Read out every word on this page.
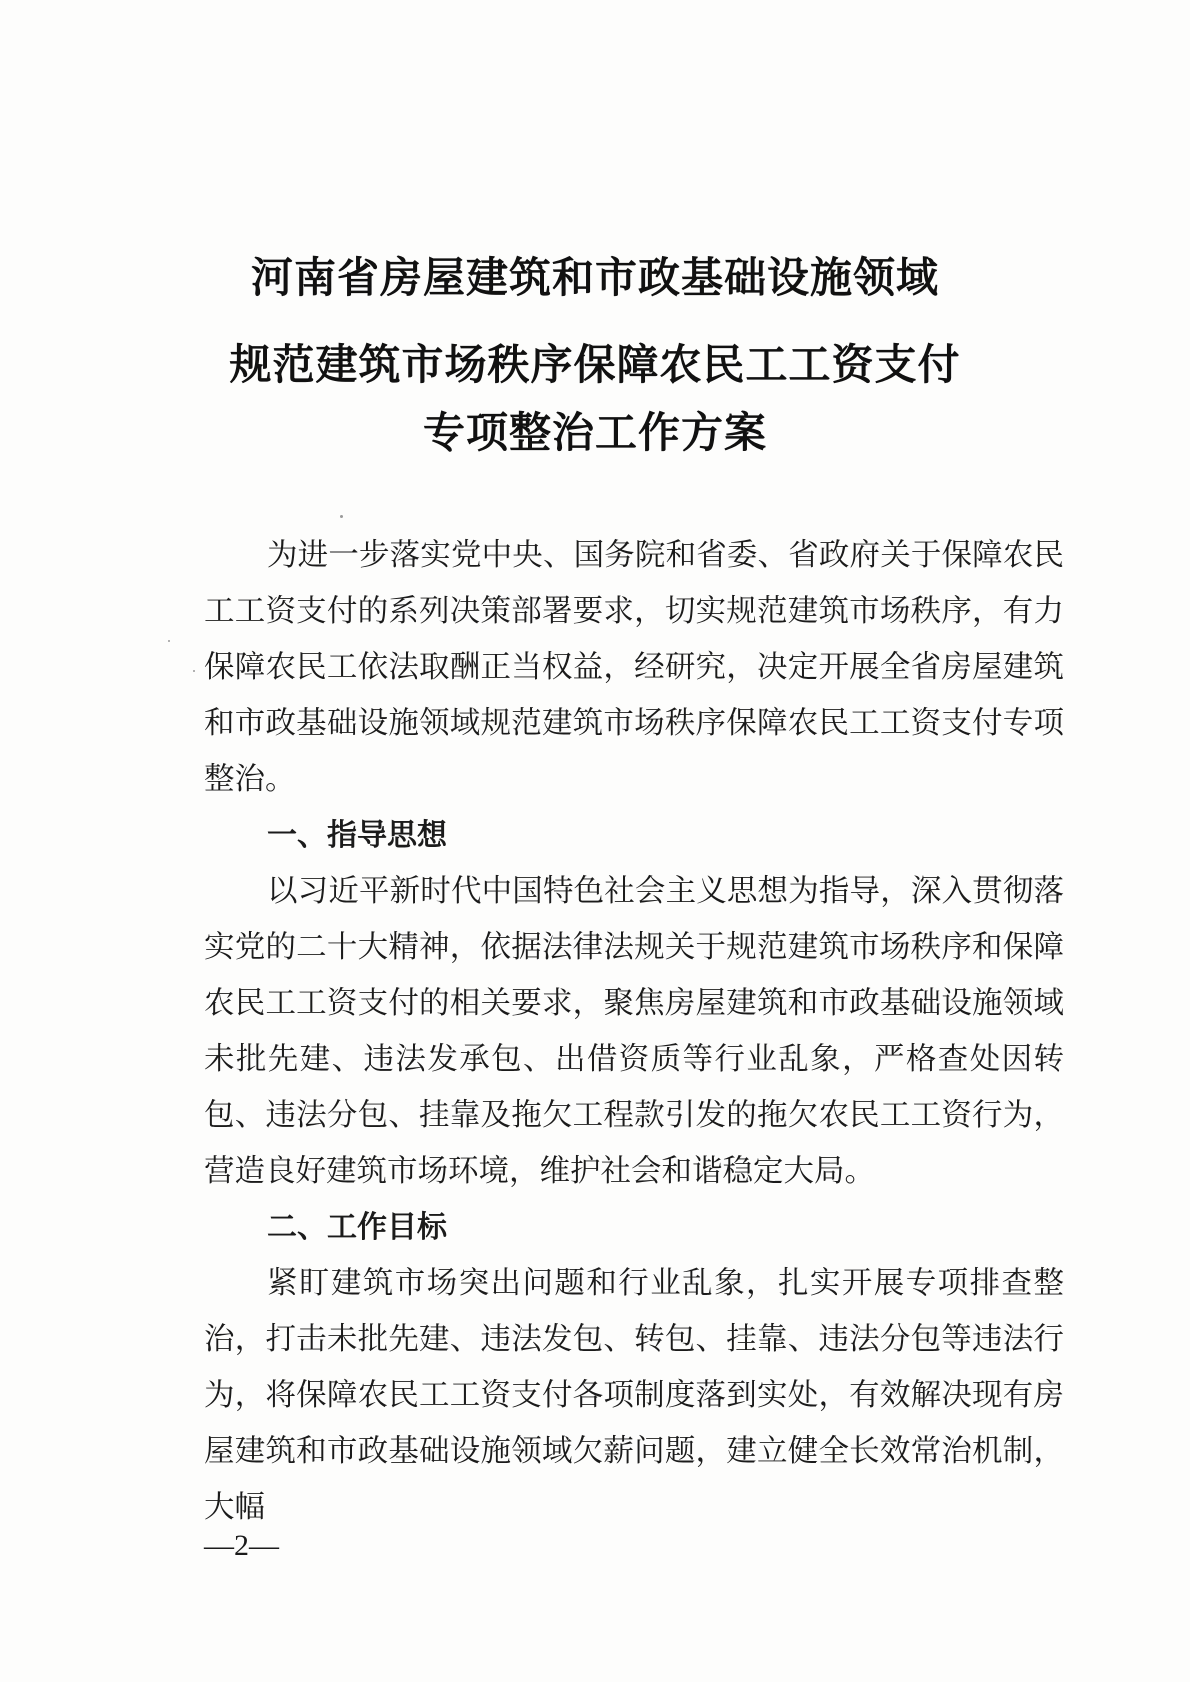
河南省房屋建筑和市政基础设施领域
规范建筑市场秩序保障农民工工资支付
专项整治工作方案

为进一步落实党中央、国务院和省委、省政府关于保障农民工工资支付的系列决策部署要求，切实规范建筑市场秩序，有力保障农民工依法取酬正当权益，经研究，决定开展全省房屋建筑和市政基础设施领域规范建筑市场秩序保障农民工工资支付专项整治。

一、指导思想

以习近平新时代中国特色社会主义思想为指导，深入贯彻落实党的二十大精神，依据法律法规关于规范建筑市场秩序和保障农民工工资支付的相关要求，聚焦房屋建筑和市政基础设施领域未批先建、违法发承包、出借资质等行业乱象，严格查处因转包、违法分包、挂靠及拖欠工程款引发的拖欠农民工工资行为，营造良好建筑市场环境，维护社会和谐稳定大局。

二、工作目标

紧盯建筑市场突出问题和行业乱象，扎实开展专项排查整治，打击未批先建、违法发包、转包、挂靠、违法分包等违法行为，将保障农民工工资支付各项制度落到实处，有效解决现有房屋建筑和市政基础设施领域欠薪问题，建立健全长效常治机制，大幅

—2—
